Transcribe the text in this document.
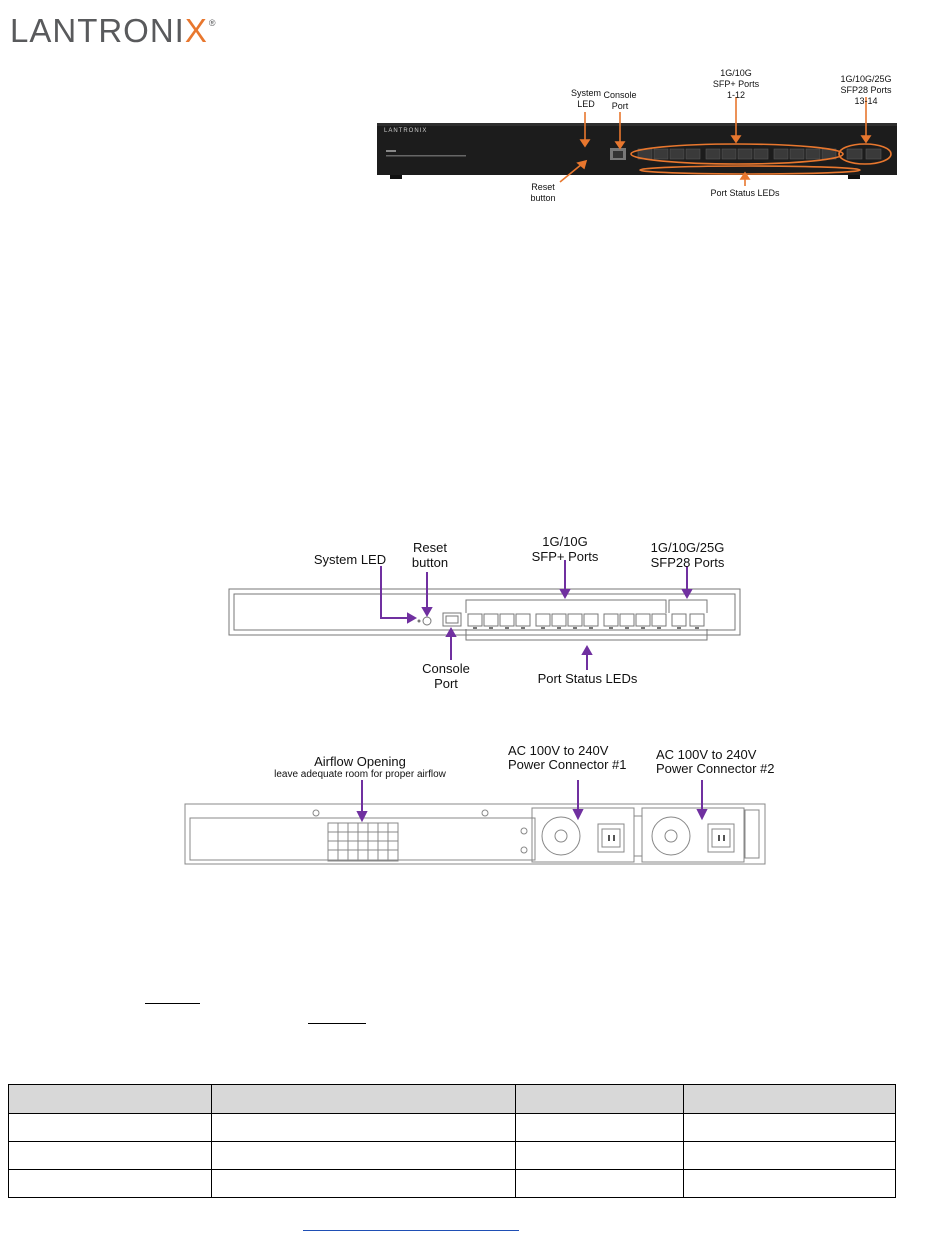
LANTRONIX®
LANTRONIX
System
LED
Console
Port
1G/10G
SFP+ Ports
1-12
1G/10G/25G
SFP28 Ports
13-14
Reset
button	Port Status LEDs
System LED
Reset
button
1G/10G
SFP+ Ports
1G/10G/25G
SFP28 Ports
Console
Port	Port Status LEDs
Airflow Opening
leave adequate room for proper airflow
AC 100V to 240V
Power Connector #1
AC 100V to 240V
Power Connector #2
